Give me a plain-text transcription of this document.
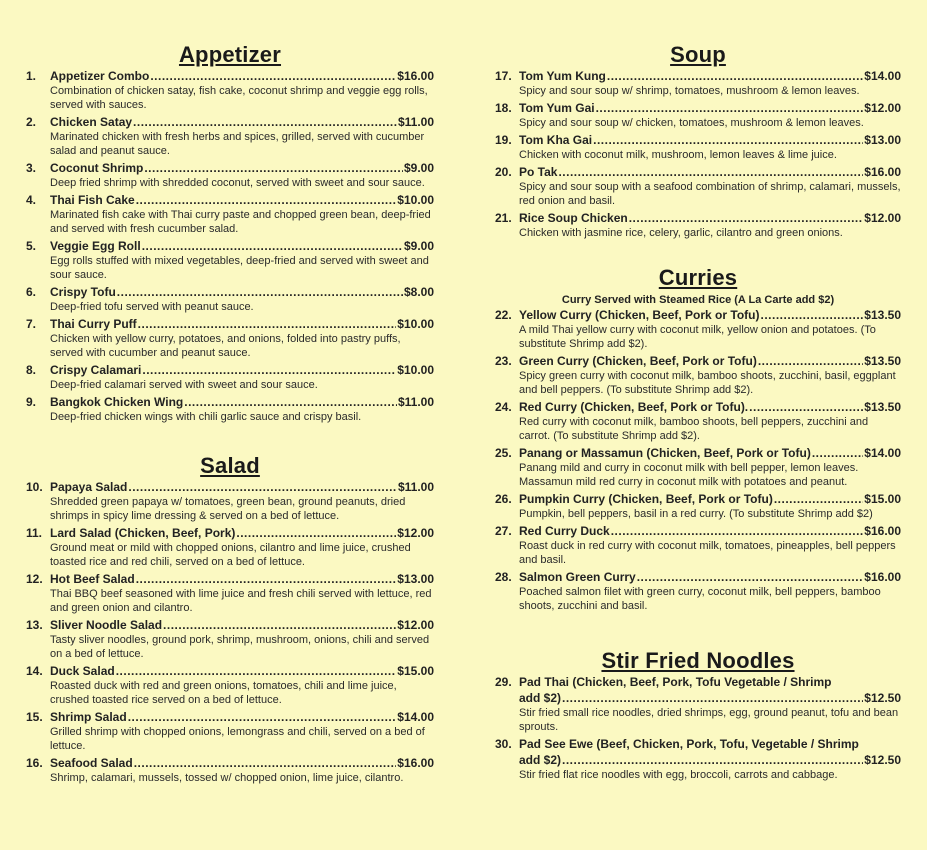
Appetizer
1.	Appetizer Combo .....	$16.00
Combination of chicken satay, fish cake, coconut shrimp and veggie egg rolls, served with sauces.
2.	Chicken Satay .....	$11.00
Marinated chicken with fresh herbs and spices, grilled, served with cucumber salad and peanut sauce.
3.	Coconut Shrimp .....	$9.00
Deep fried shrimp with shredded coconut, served with sweet and sour sauce.
4.	Thai Fish Cake .....	$10.00
Marinated fish cake with Thai curry paste and chopped green bean, deep-fried and served with fresh cucumber salad.
5.	Veggie Egg Roll .....	$9.00
Egg rolls stuffed with mixed vegetables, deep-fried and served with sweet and sour sauce.
6.	Crispy Tofu .....	$8.00
Deep-fried tofu served with peanut sauce.
7.	Thai Curry Puff .....	$10.00
Chicken with yellow curry, potatoes, and onions, folded into pastry puffs, served with cucumber and peanut sauce.
8.	Crispy Calamari .....	$10.00
Deep-fried calamari served with sweet and sour sauce.
9.	Bangkok Chicken Wing .....	$11.00
Deep-fried chicken wings with chili garlic sauce and crispy basil.
Salad
10. Papaya Salad .....	$11.00
Shredded green papaya w/ tomatoes, green bean, ground peanuts, dried shrimps in spicy lime dressing & served on a bed of lettuce.
11. Lard Salad (Chicken, Beef, Pork) .....	$12.00
Ground meat or mild with chopped onions, cilantro and lime juice, crushed toasted rice and red chili, served on a bed of lettuce.
12. Hot Beef Salad .....	$13.00
Thai BBQ beef seasoned with lime juice and fresh chili served with lettuce, red and green onion and cilantro.
13. Sliver Noodle Salad .....	$12.00
Tasty sliver noodles, ground pork, shrimp, mushroom, onions, chili and served on a bed of lettuce.
14. Duck Salad .....	$15.00
Roasted duck with red and green onions, tomatoes, chili and lime juice, crushed toasted rice served on a bed of lettuce.
15. Shrimp Salad .....	$14.00
Grilled shrimp with chopped onions, lemongrass and chili, served on a bed of lettuce.
16. Seafood Salad .....	$16.00
Shrimp, calamari, mussels, tossed w/ chopped onion, lime juice, cilantro.
Soup
17. Tom Yum Kung .....	$14.00
Spicy and sour soup w/ shrimp, tomatoes, mushroom & lemon leaves.
18. Tom Yum Gai .....	$12.00
Spicy and sour soup w/ chicken, tomatoes, mushroom & lemon leaves.
19. Tom Kha Gai .....	$13.00
Chicken with coconut milk, mushroom, lemon leaves & lime juice.
20. Po Tak .....	$16.00
Spicy and sour soup with a seafood combination of shrimp, calamari, mussels, red onion and basil.
21. Rice Soup Chicken .....	$12.00
Chicken with jasmine rice, celery, garlic, cilantro and green onions.
Curries
Curry Served with Steamed Rice (A La Carte add $2)
22. Yellow Curry (Chicken, Beef, Pork or Tofu) .....	$13.50
A mild Thai yellow curry with coconut milk, yellow onion and potatoes. (To substitute Shrimp add $2).
23. Green Curry (Chicken, Beef, Pork or Tofu) .....	$13.50
Spicy green curry with coconut milk, bamboo shoots, zucchini, basil, eggplant and bell peppers. (To substitute Shrimp add $2).
24. Red Curry (Chicken, Beef, Pork or Tofu). .....	$13.50
Red curry with coconut milk, bamboo shoots, bell peppers, zucchini and carrot. (To substitute Shrimp add $2).
25. Panang or Massamun (Chicken, Beef, Pork or Tofu) .....	$14.00
Panang mild and curry in coconut milk with bell pepper, lemon leaves. Massamun mild red curry in coconut milk with potatoes and peanut.
26. Pumpkin Curry (Chicken, Beef, Pork or Tofu) .....	$15.00
Pumpkin, bell peppers, basil in a red curry. (To substitute Shrimp add $2)
27. Red Curry Duck .....	$16.00
Roast duck in red curry with coconut milk, tomatoes, pineapples, bell peppers and basil.
28. Salmon Green Curry .....	$16.00
Poached salmon filet with green curry, coconut milk, bell peppers, bamboo shoots, zucchini and basil.
Stir Fried Noodles
29. Pad Thai (Chicken, Beef, Pork, Tofu Vegetable / Shrimp
add $2) .....	$12.50
Stir fried small rice noodles, dried shrimps, egg, ground peanut, tofu and bean sprouts.
30. Pad See Ewe (Beef, Chicken, Pork, Tofu, Vegetable / Shrimp
add $2) .....	$12.50
Stir fried flat rice noodles with egg, broccoli, carrots and cabbage.
